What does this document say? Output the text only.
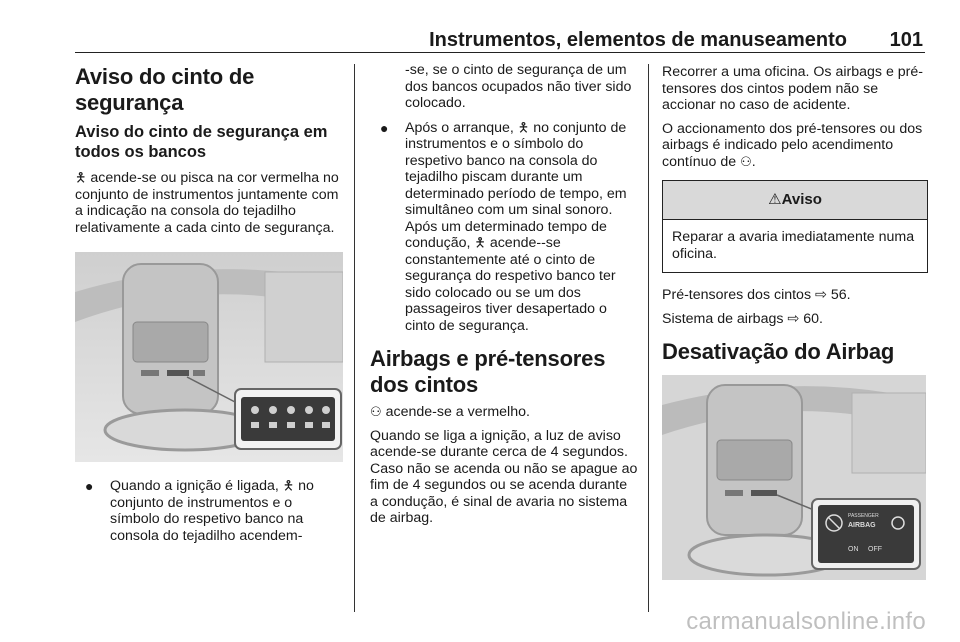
Instrumentos, elementos de manuseamento 101
Aviso do cinto de segurança
Aviso do cinto de segurança em todos os bancos

🯅 acende-se ou pisca na cor vermelha no conjunto de instrumentos juntamente com a indicação na consola do tejadilho relativamente a cada cinto de segurança.

● Quando a ignição é ligada, 🯅 no conjunto de instrumentos e o símbolo do respetivo banco na consola do tejadilho acendem-
-se, se o cinto de segurança de um dos bancos ocupados não tiver sido colocado.
● Após o arranque, 🯅 no conjunto de instrumentos e o símbolo do respetivo banco na consola do tejadilho piscam durante um determinado período de tempo, em simultâneo com um sinal sonoro. Após um determinado tempo de condução, 🯅 acende--se constantemente até o cinto de segurança do respetivo banco ter sido colocado ou se um dos passageiros tiver desapertado o cinto de segurança.
Airbags e pré-tensores dos cintos

⚇ acende-se a vermelho.

Quando se liga a ignição, a luz de aviso acende-se durante cerca de 4 segundos. Caso não se acenda ou não se apague ao fim de 4 segundos ou se acenda durante a condução, é sinal de avaria no sistema de airbag.

Recorrer a uma oficina. Os airbags e pré-tensores dos cintos podem não se accionar no caso de acidente.

O accionamento dos pré-tensores ou dos airbags é indicado pelo acendimento contínuo de ⚇.

⚠Aviso
Reparar a avaria imediatamente numa oficina.

Pré-tensores dos cintos ⇨ 56.

Sistema de airbags ⇨ 60.

Desativação do Airbag
PASSENGER
AIRBAG
ON OFF
carmanualsonline.info
